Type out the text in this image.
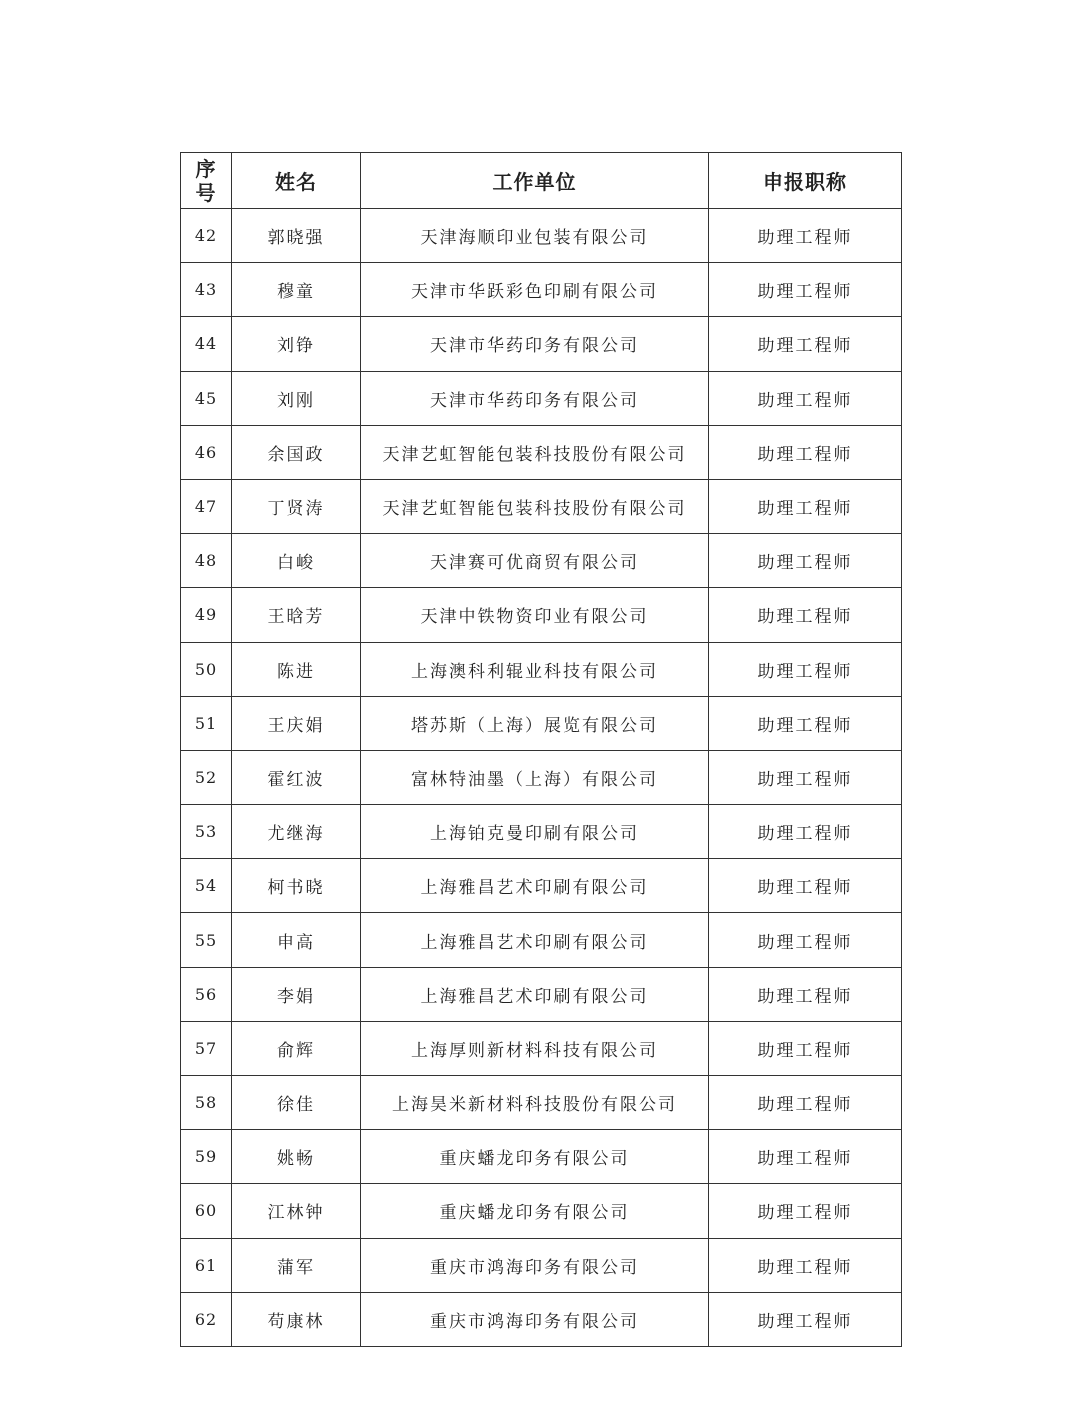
序
号	姓名	工作单位	申报职称
42	郭晓强	天津海顺印业包装有限公司	助理工程师
43	穆童	天津市华跃彩色印刷有限公司	助理工程师
44	刘铮	天津市华药印务有限公司	助理工程师
45	刘刚	天津市华药印务有限公司	助理工程师
46	余国政	天津艺虹智能包装科技股份有限公司	助理工程师
47	丁贤涛	天津艺虹智能包装科技股份有限公司	助理工程师
48	白峻	天津赛可优商贸有限公司	助理工程师
49	王晗芳	天津中铁物资印业有限公司	助理工程师
50	陈进	上海澳科利辊业科技有限公司	助理工程师
51	王庆娟	塔苏斯（上海）展览有限公司	助理工程师
52	霍红波	富林特油墨（上海）有限公司	助理工程师
53	尤继海	上海铂克曼印刷有限公司	助理工程师
54	柯书晓	上海雅昌艺术印刷有限公司	助理工程师
55	申高	上海雅昌艺术印刷有限公司	助理工程师
56	李娟	上海雅昌艺术印刷有限公司	助理工程师
57	俞辉	上海厚则新材料科技有限公司	助理工程师
58	徐佳	上海昊米新材料科技股份有限公司	助理工程师
59	姚畅	重庆蟠龙印务有限公司	助理工程师
60	江林钟	重庆蟠龙印务有限公司	助理工程师
61	蒲军	重庆市鸿海印务有限公司	助理工程师
62	苟康林	重庆市鸿海印务有限公司	助理工程师
